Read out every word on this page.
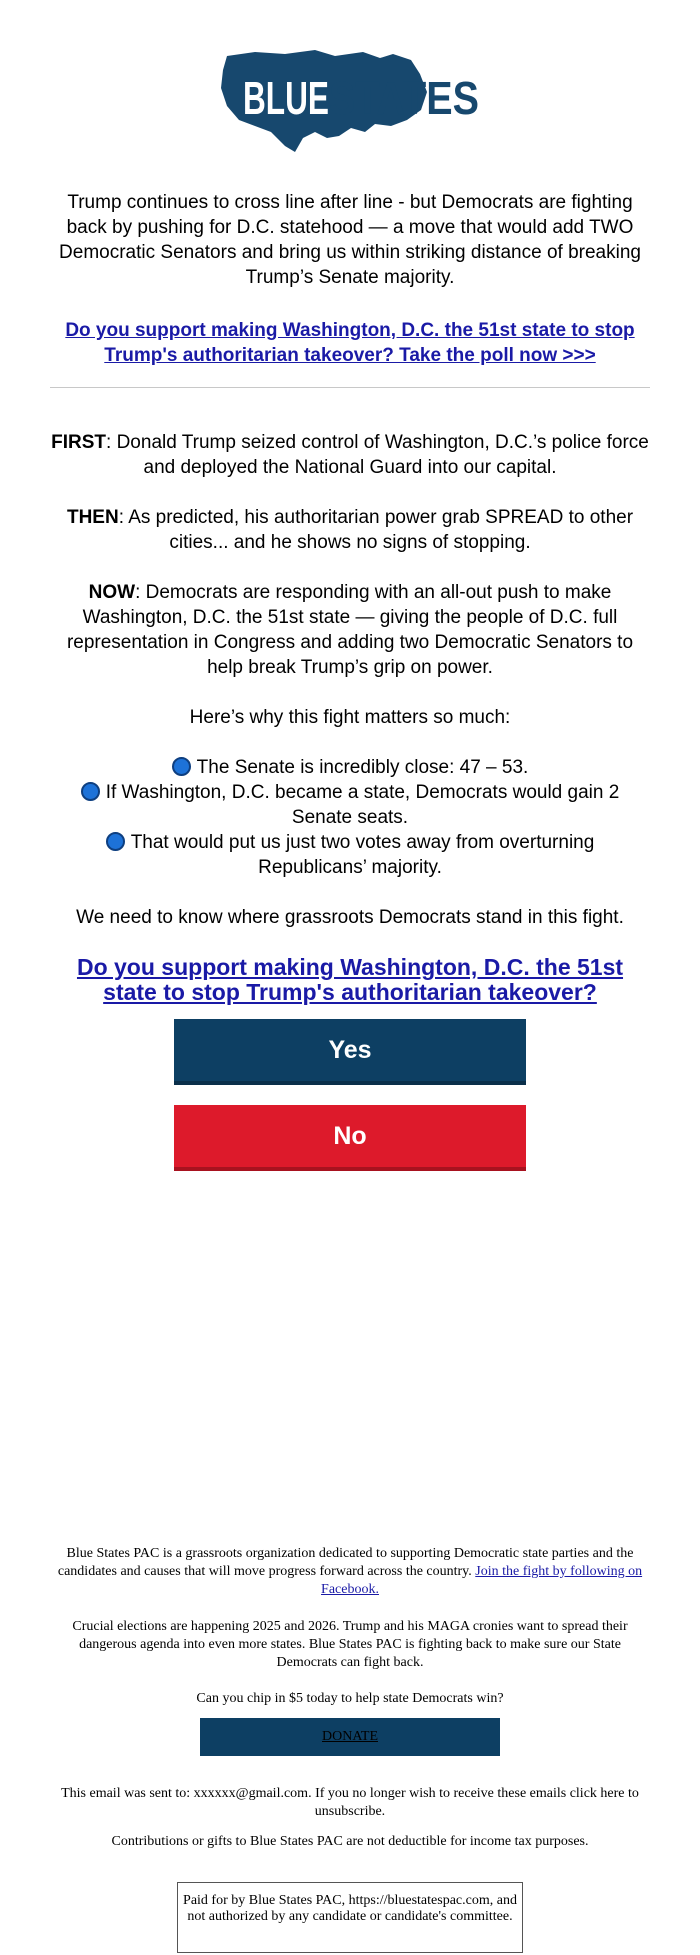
BLUE STATES
Trump continues to cross line after line - but Democrats are fighting back by pushing for D.C. statehood — a move that would add TWO Democratic Senators and bring us within striking distance of breaking Trump’s Senate majority.
Do you support making Washington, D.C. the 51st state to stop Trump's authoritarian takeover? Take the poll now >>>
FIRST: Donald Trump seized control of Washington, D.C.’s police force and deployed the National Guard into our capital.
THEN: As predicted, his authoritarian power grab SPREAD to other cities... and he shows no signs of stopping.
NOW: Democrats are responding with an all-out push to make Washington, D.C. the 51st state — giving the people of D.C. full representation in Congress and adding two Democratic Senators to help break Trump’s grip on power.
Here’s why this fight matters so much:
The Senate is incredibly close: 47 – 53.
If Washington, D.C. became a state, Democrats would gain 2 Senate seats.
That would put us just two votes away from overturning Republicans’ majority.
We need to know where grassroots Democrats stand in this fight.
Do you support making Washington, D.C. the 51st state to stop Trump's authoritarian takeover?
Yes
No
Blue States PAC is a grassroots organization dedicated to supporting Democratic state parties and the candidates and causes that will move progress forward across the country. Join the fight by following on Facebook.
Crucial elections are happening 2025 and 2026. Trump and his MAGA cronies want to spread their dangerous agenda into even more states. Blue States PAC is fighting back to make sure our State Democrats can fight back.
Can you chip in $5 today to help state Democrats win?
DONATE
This email was sent to: xxxxxx@gmail.com. If you no longer wish to receive these emails click here to unsubscribe.
Contributions or gifts to Blue States PAC are not deductible for income tax purposes.
Paid for by Blue States PAC, https://bluestatespac.com, and not authorized by any candidate or candidate's committee.
